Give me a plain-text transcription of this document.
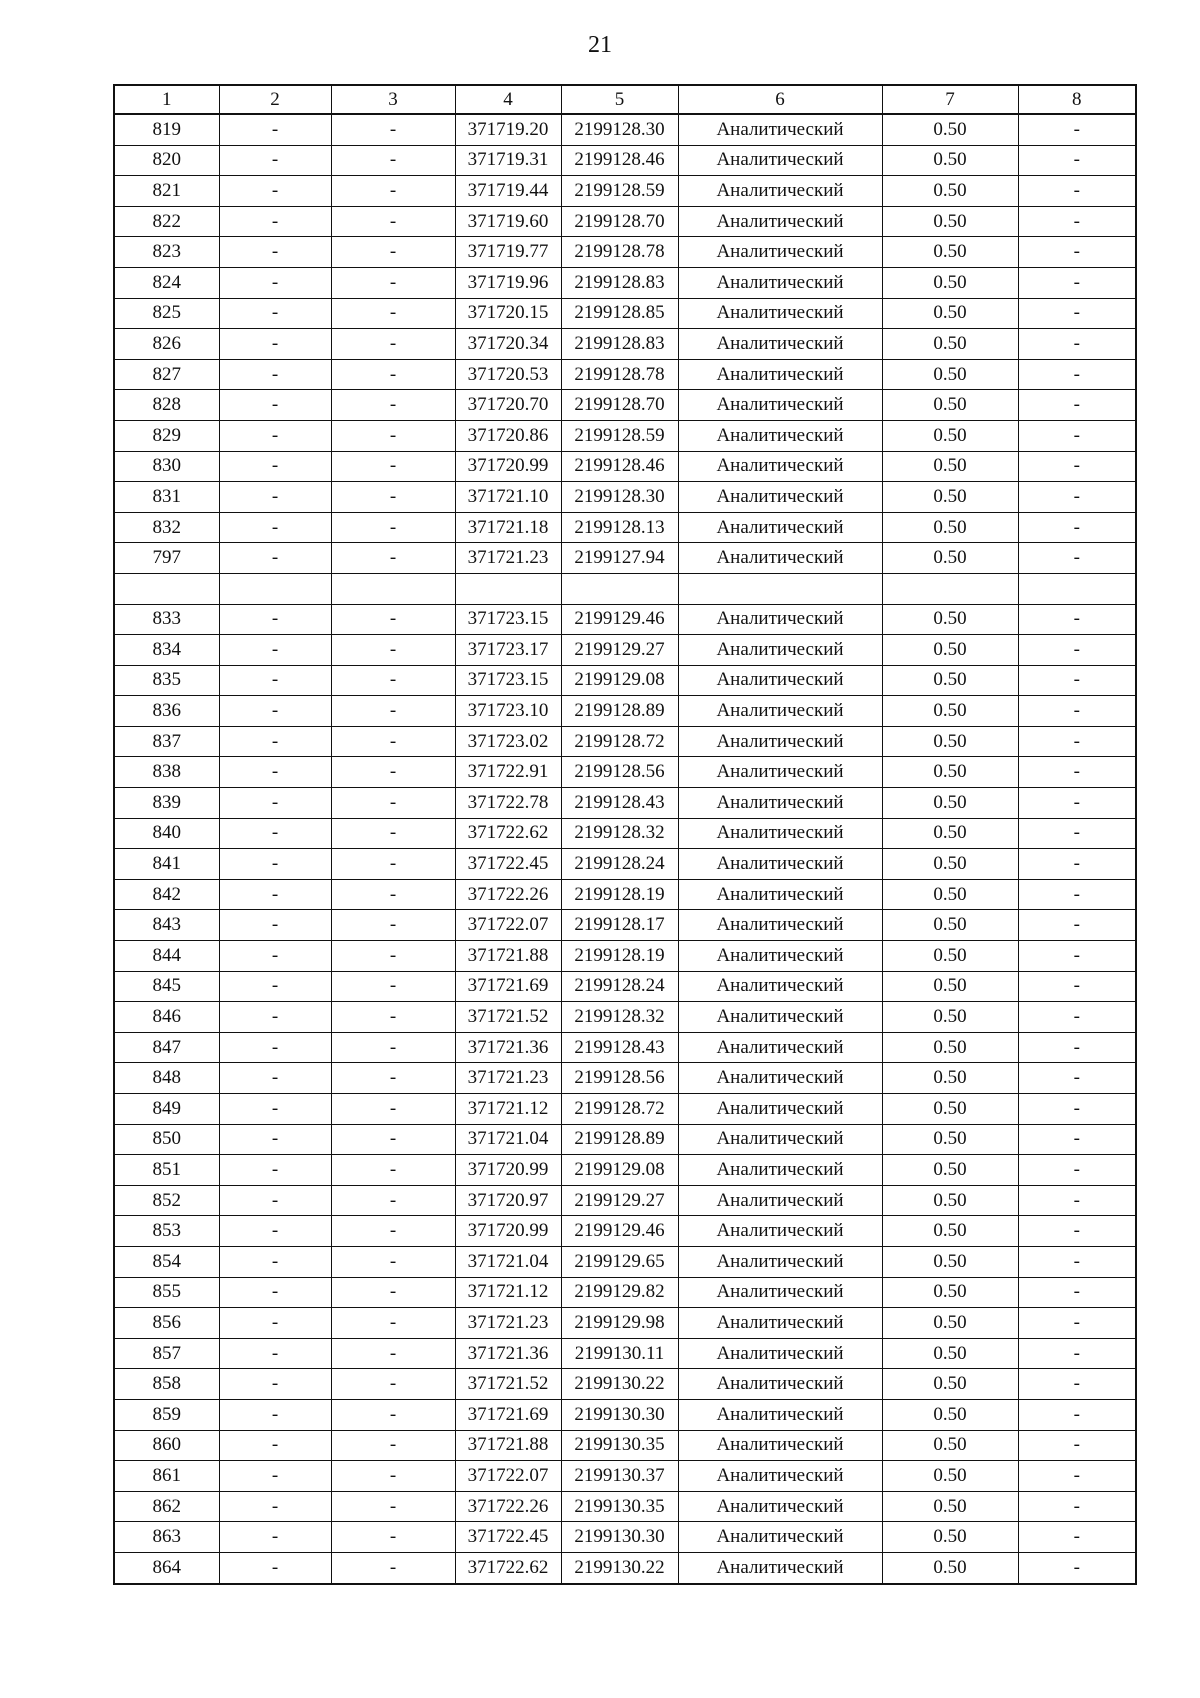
21
1	2	3	4	5	6	7	8
819	-	-	371719.20	2199128.30	Аналитический	0.50	-
820	-	-	371719.31	2199128.46	Аналитический	0.50	-
821	-	-	371719.44	2199128.59	Аналитический	0.50	-
822	-	-	371719.60	2199128.70	Аналитический	0.50	-
823	-	-	371719.77	2199128.78	Аналитический	0.50	-
824	-	-	371719.96	2199128.83	Аналитический	0.50	-
825	-	-	371720.15	2199128.85	Аналитический	0.50	-
826	-	-	371720.34	2199128.83	Аналитический	0.50	-
827	-	-	371720.53	2199128.78	Аналитический	0.50	-
828	-	-	371720.70	2199128.70	Аналитический	0.50	-
829	-	-	371720.86	2199128.59	Аналитический	0.50	-
830	-	-	371720.99	2199128.46	Аналитический	0.50	-
831	-	-	371721.10	2199128.30	Аналитический	0.50	-
832	-	-	371721.18	2199128.13	Аналитический	0.50	-
797	-	-	371721.23	2199127.94	Аналитический	0.50	-

833	-	-	371723.15	2199129.46	Аналитический	0.50	-
834	-	-	371723.17	2199129.27	Аналитический	0.50	-
835	-	-	371723.15	2199129.08	Аналитический	0.50	-
836	-	-	371723.10	2199128.89	Аналитический	0.50	-
837	-	-	371723.02	2199128.72	Аналитический	0.50	-
838	-	-	371722.91	2199128.56	Аналитический	0.50	-
839	-	-	371722.78	2199128.43	Аналитический	0.50	-
840	-	-	371722.62	2199128.32	Аналитический	0.50	-
841	-	-	371722.45	2199128.24	Аналитический	0.50	-
842	-	-	371722.26	2199128.19	Аналитический	0.50	-
843	-	-	371722.07	2199128.17	Аналитический	0.50	-
844	-	-	371721.88	2199128.19	Аналитический	0.50	-
845	-	-	371721.69	2199128.24	Аналитический	0.50	-
846	-	-	371721.52	2199128.32	Аналитический	0.50	-
847	-	-	371721.36	2199128.43	Аналитический	0.50	-
848	-	-	371721.23	2199128.56	Аналитический	0.50	-
849	-	-	371721.12	2199128.72	Аналитический	0.50	-
850	-	-	371721.04	2199128.89	Аналитический	0.50	-
851	-	-	371720.99	2199129.08	Аналитический	0.50	-
852	-	-	371720.97	2199129.27	Аналитический	0.50	-
853	-	-	371720.99	2199129.46	Аналитический	0.50	-
854	-	-	371721.04	2199129.65	Аналитический	0.50	-
855	-	-	371721.12	2199129.82	Аналитический	0.50	-
856	-	-	371721.23	2199129.98	Аналитический	0.50	-
857	-	-	371721.36	2199130.11	Аналитический	0.50	-
858	-	-	371721.52	2199130.22	Аналитический	0.50	-
859	-	-	371721.69	2199130.30	Аналитический	0.50	-
860	-	-	371721.88	2199130.35	Аналитический	0.50	-
861	-	-	371722.07	2199130.37	Аналитический	0.50	-
862	-	-	371722.26	2199130.35	Аналитический	0.50	-
863	-	-	371722.45	2199130.30	Аналитический	0.50	-
864	-	-	371722.62	2199130.22	Аналитический	0.50	-
